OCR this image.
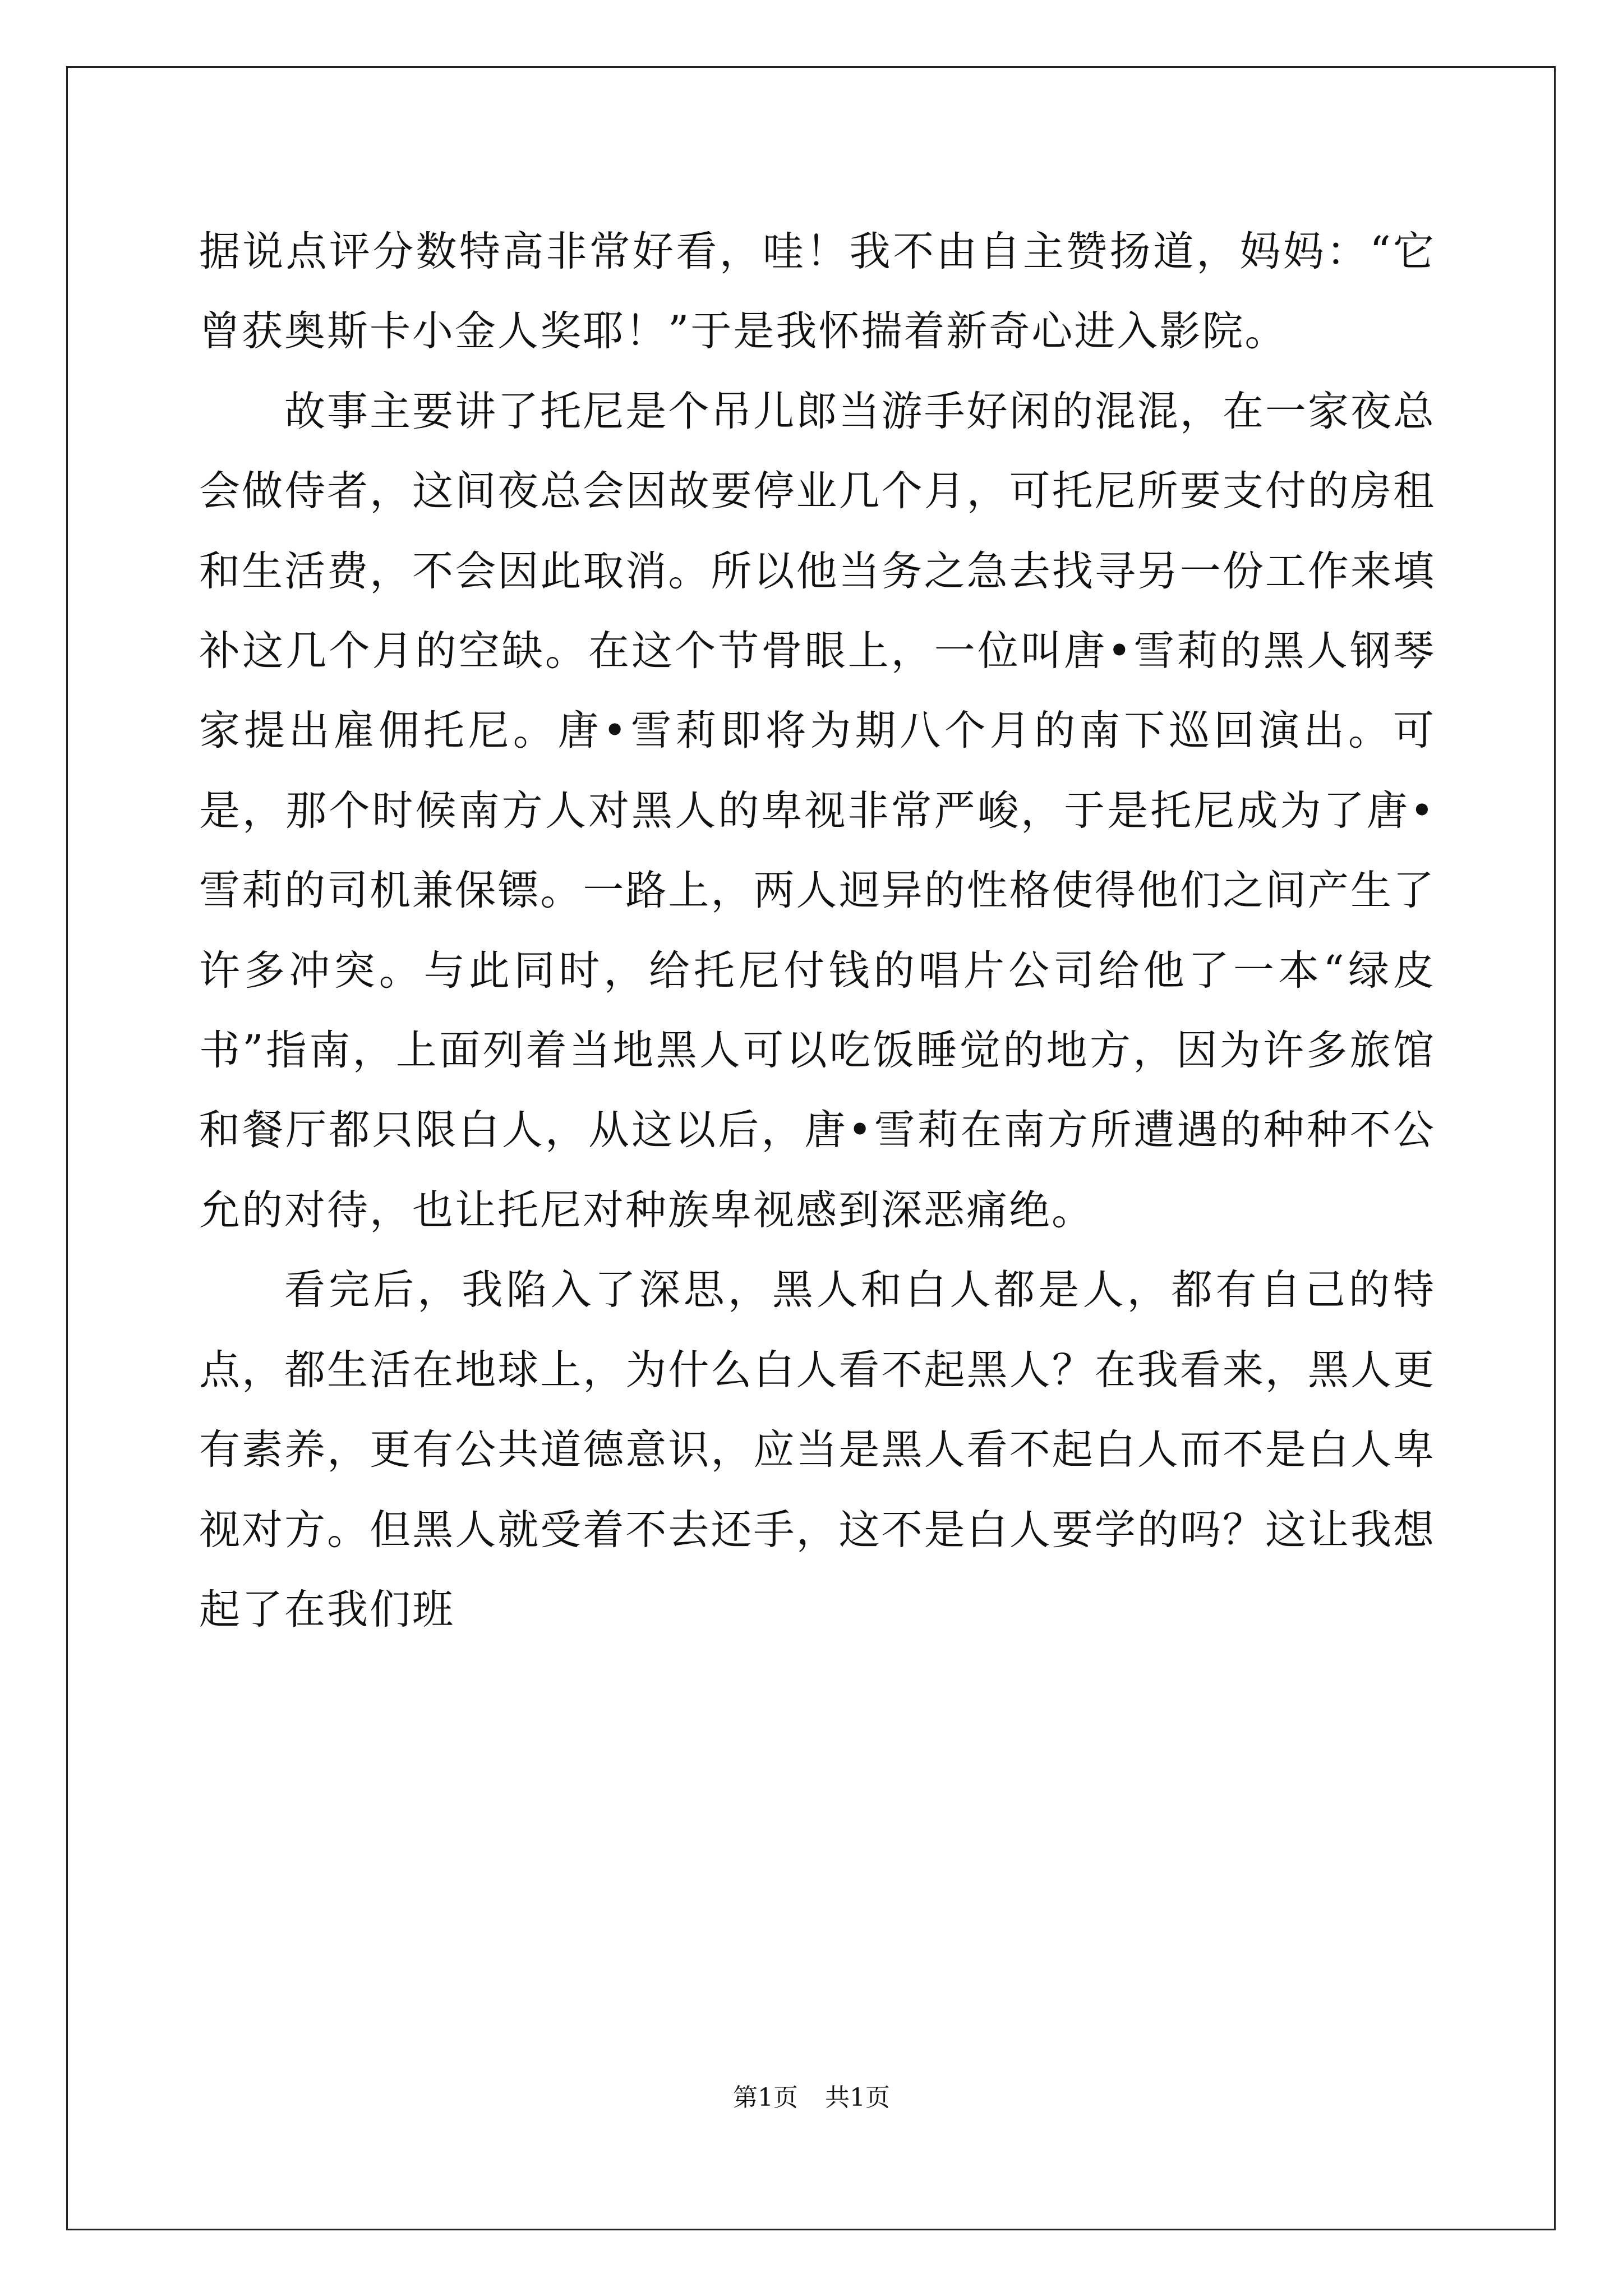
据说点评分数特高非常好看，哇！我不由自主赞扬道，妈妈：“它曾获奥斯卡小金人奖耶！”于是我怀揣着新奇心进入影院。

故事主要讲了托尼是个吊儿郎当游手好闲的混混，在一家夜总会做侍者，这间夜总会因故要停业几个月，可托尼所要支付的房租和生活费，不会因此取消。所以他当务之急去找寻另一份工作来填补这几个月的空缺。在这个节骨眼上，一位叫唐•雪莉的黑人钢琴家提出雇佣托尼。唐•雪莉即将为期八个月的南下巡回演出。可是，那个时候南方人对黑人的卑视非常严峻，于是托尼成为了唐•雪莉的司机兼保镖。一路上，两人迥异的性格使得他们之间产生了许多冲突。与此同时，给托尼付钱的唱片公司给他了一本“绿皮书”指南，上面列着当地黑人可以吃饭睡觉的地方，因为许多旅馆和餐厅都只限白人，从这以后，唐•雪莉在南方所遭遇的种种不公允的对待，也让托尼对种族卑视感到深恶痛绝。

看完后，我陷入了深思，黑人和白人都是人，都有自己的特点，都生活在地球上，为什么白人看不起黑人？在我看来，黑人更有素养，更有公共道德意识，应当是黑人看不起白人而不是白人卑视对方。但黑人就受着不去还手，这不是白人要学的吗？这让我想起了在我们班

第1页 共1页
